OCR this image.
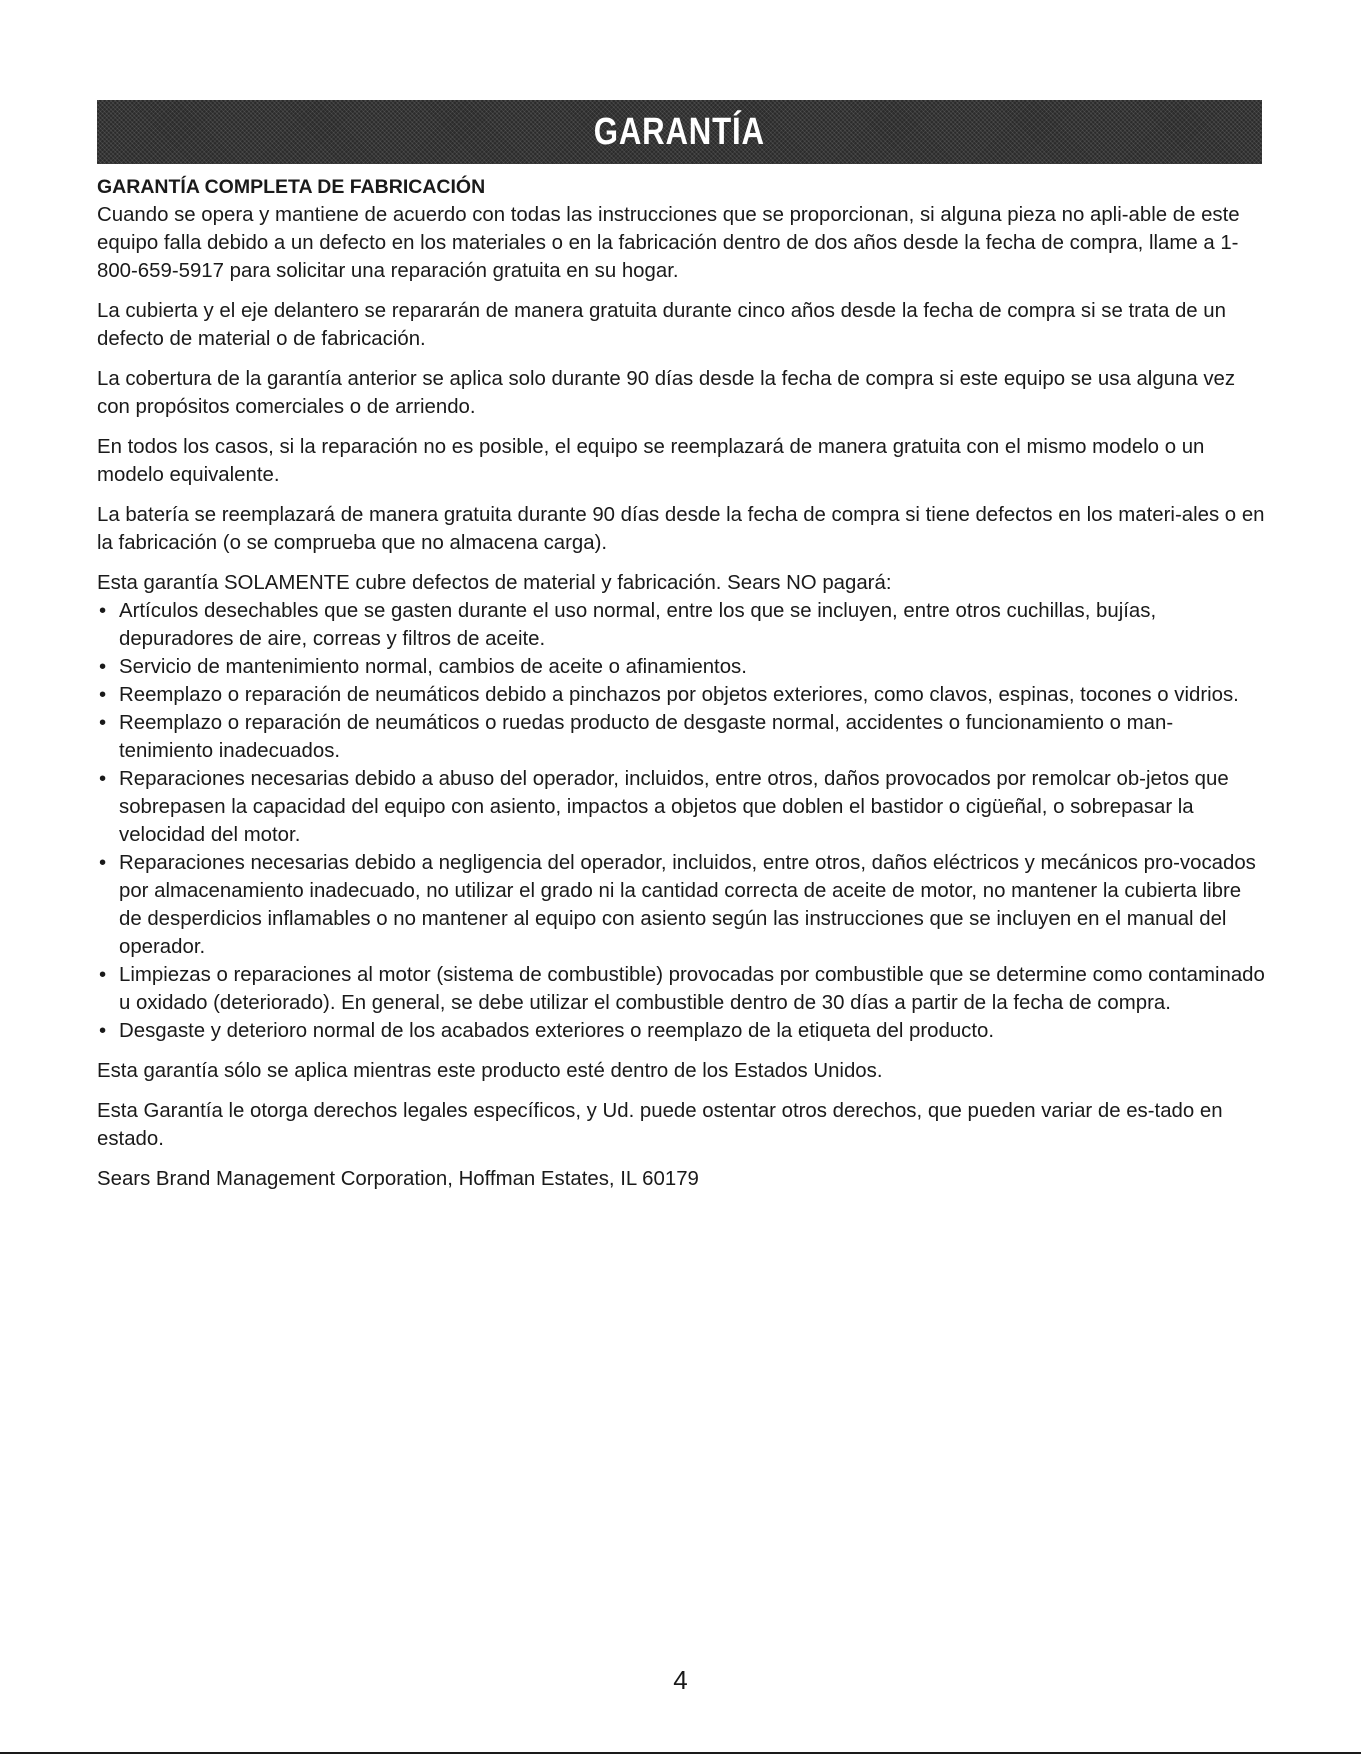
GARANTÍA
GARANTÍA COMPLETA DE FABRICACIÓN

Cuando se opera y mantiene de acuerdo con todas las instrucciones que se proporcionan, si alguna pieza no apli-able de este equipo falla debido a un defecto en los materiales o en la fabricación dentro de dos años desde la fecha de compra, llame a 1-800-659-5917 para solicitar una reparación gratuita en su hogar.

La cubierta y el eje delantero se repararán de manera gratuita durante cinco años desde la fecha de compra si se trata de un defecto de material o de fabricación.

La cobertura de la garantía anterior se aplica solo durante 90 días desde la fecha de compra si este equipo se usa alguna vez con propósitos comerciales o de arriendo.

En todos los casos, si la reparación no es posible, el equipo se reemplazará de manera gratuita con el mismo modelo o un modelo equivalente.

La batería se reemplazará de manera gratuita durante 90 días desde la fecha de compra si tiene defectos en los materi-ales o en la fabricación (o se comprueba que no almacena carga).

Esta garantía SOLAMENTE cubre defectos de material y fabricación. Sears NO pagará:

• Artículos desechables que se gasten durante el uso normal, entre los que se incluyen, entre otros cuchillas, bujías, depuradores de aire, correas y filtros de aceite.
• Servicio de mantenimiento normal, cambios de aceite o afinamientos.
• Reemplazo o reparación de neumáticos debido a pinchazos por objetos exteriores, como clavos, espinas, tocones o vidrios.
• Reemplazo o reparación de neumáticos o ruedas producto de desgaste normal, accidentes o funcionamiento o man-tenimiento inadecuados.
• Reparaciones necesarias debido a abuso del operador, incluidos, entre otros, daños provocados por remolcar ob-jetos que sobrepasen la capacidad del equipo con asiento, impactos a objetos que doblen el bastidor o cigüeñal, o sobrepasar la velocidad del motor.
• Reparaciones necesarias debido a negligencia del operador, incluidos, entre otros, daños eléctricos y mecánicos pro-vocados por almacenamiento inadecuado, no utilizar el grado ni la cantidad correcta de aceite de motor, no mantener la cubierta libre de desperdicios inflamables o no mantener al equipo con asiento según las instrucciones que se incluyen en el manual del operador.
• Limpiezas o reparaciones al motor (sistema de combustible) provocadas por combustible que se determine como contaminado u oxidado (deteriorado). En general, se debe utilizar el combustible dentro de 30 días a partir de la fecha de compra.
• Desgaste y deterioro normal de los acabados exteriores o reemplazo de la etiqueta del producto.

Esta garantía sólo se aplica mientras este producto esté dentro de los Estados Unidos.

Esta Garantía le otorga derechos legales específicos, y Ud. puede ostentar otros derechos, que pueden variar de es-tado en estado.

Sears Brand Management Corporation, Hoffman Estates, IL 60179

4
